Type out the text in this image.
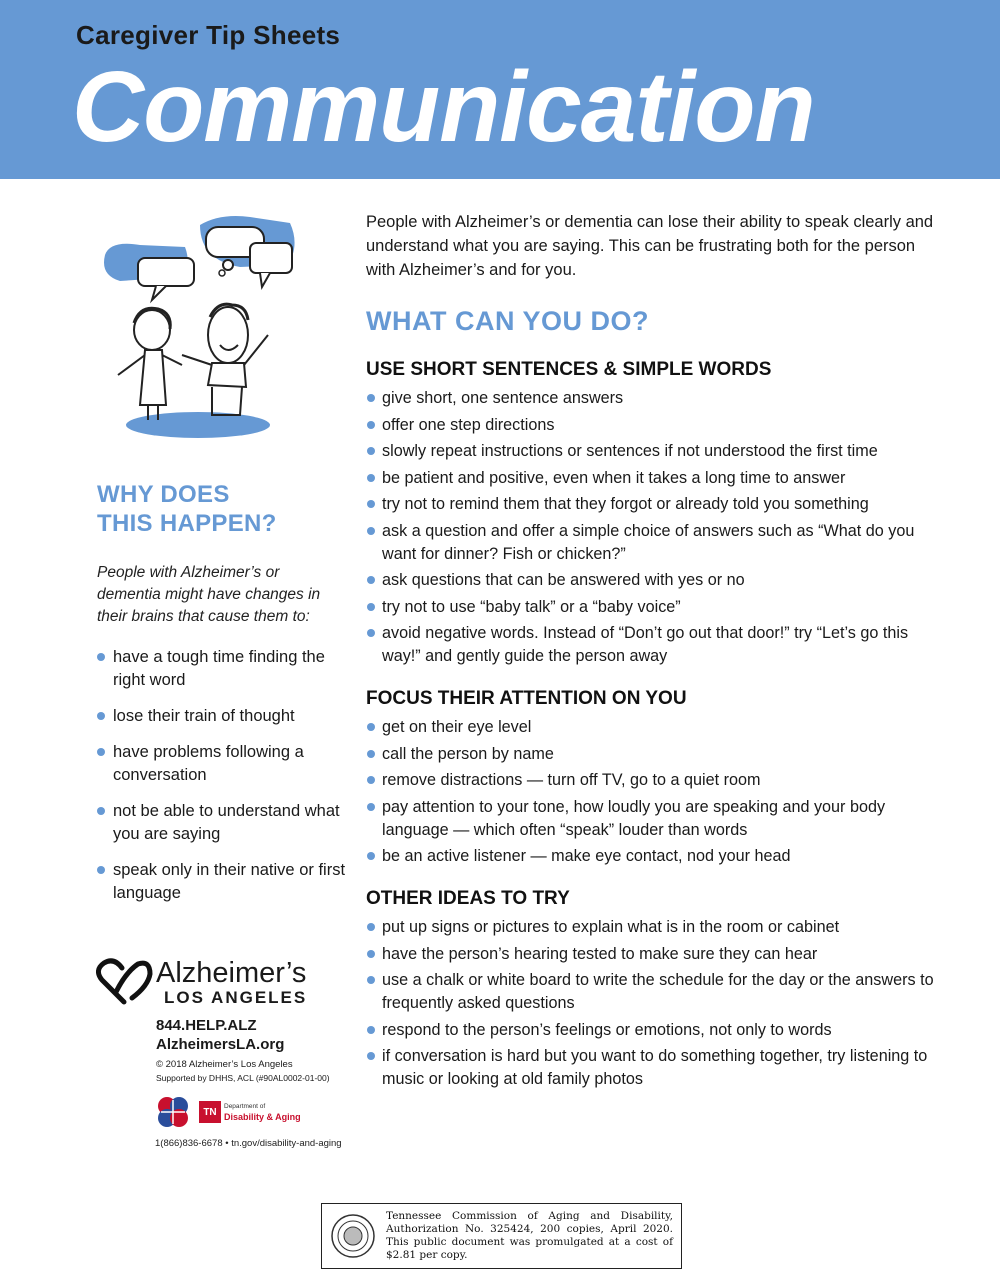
Caregiver Tip Sheets
Communication
WHY DOES
THIS HAPPEN?

People with Alzheimer’s or dementia might have changes in their brains that cause them to:

have a tough time finding the right word
lose their train of thought
have problems following a conversation
not be able to understand what you are saying
speak only in their native or first language

People with Alzheimer’s or dementia can lose their ability to speak clearly and understand what you are saying. This can be frustrating both for the person with Alzheimer’s and for you.

WHAT CAN YOU DO?
USE SHORT SENTENCES & SIMPLE WORDS
give short, one sentence answers
offer one step directions
slowly repeat instructions or sentences if not understood the first time
be patient and positive, even when it takes a long time to answer
try not to remind them that they forgot or already told you something
ask a question and offer a simple choice of answers such as “What do you want for dinner? Fish or chicken?”
ask questions that can be answered with yes or no
try not to use “baby talk” or a “baby voice”
avoid negative words. Instead of “Don’t go out that door!” try “Let’s go this way!” and gently guide the person away
FOCUS THEIR ATTENTION ON YOU
get on their eye level
call the person by name
remove distractions — turn off TV, go to a quiet room
pay attention to your tone, how loudly you are speaking and your body language — which often “speak” louder than words
be an active listener — make eye contact, nod your head
OTHER IDEAS TO TRY
put up signs or pictures to explain what is in the room or cabinet
have the person’s hearing tested to make sure they can hear
use a chalk or white board to write the schedule for the day or the answers to frequently asked questions
respond to the person’s feelings or emotions, not only to words
if conversation is hard but you want to do something together, try listening to music or looking at old family photos
Alzheimer’s
LOS ANGELES
844.HELP.ALZ
AlzheimersLA.org
© 2018 Alzheimer’s Los Angeles
Supported by DHHS, ACL (#90AL0002-01-00)
TN	Department of
Disability & Aging
1(866)836-6678 • tn.gov/disability-and-aging
Tennessee Commission of Aging and Disability, Authorization No. 325424, 200 copies, April 2020. This public document was promulgated at a cost of $2.81 per copy.
